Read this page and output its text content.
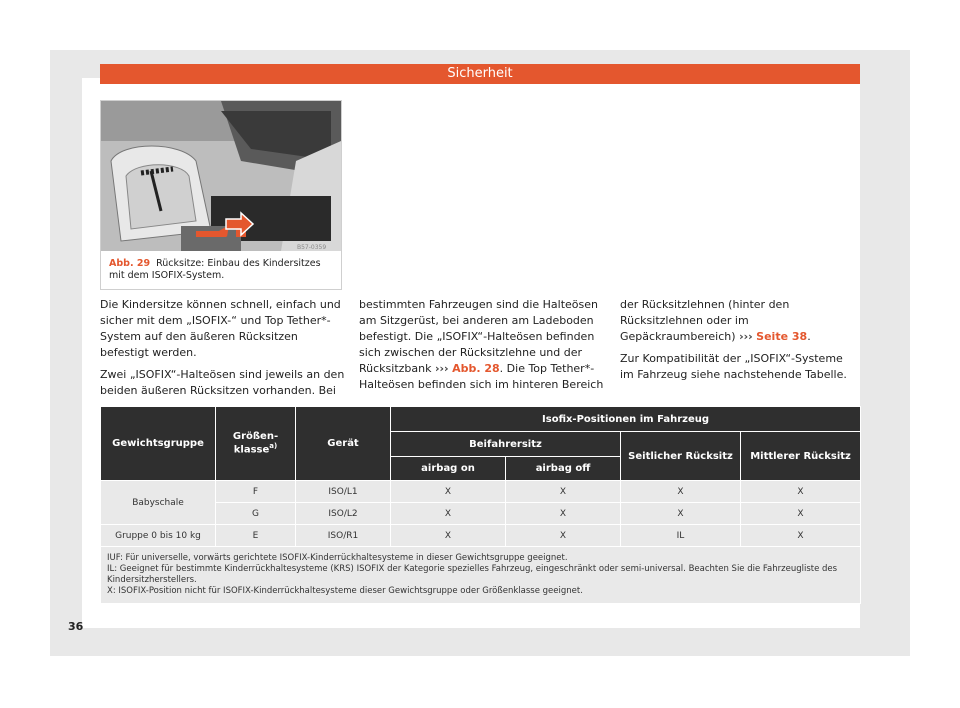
Sicherheit
B57-0359
Abb. 29 Rücksitze: Einbau des Kindersitzes mit dem ISOFIX-System.

Die Kindersitze können schnell, einfach und sicher mit dem „ISOFIX-“ und Top Tether*-System auf den äußeren Rücksitzen befestigt werden.

Zwei „ISOFIX“-Halteösen sind jeweils an den beiden äußeren Rücksitzen vorhanden. Bei

bestimmten Fahrzeugen sind die Halteösen am Sitzgerüst, bei anderen am Ladeboden befestigt. Die „ISOFIX“-Halteösen befinden sich zwischen der Rücksitzlehne und der Rücksitzbank ››› Abb. 28. Die Top Tether*-Halteösen befinden sich im hinteren Bereich

der Rücksitzlehnen (hinter den Rücksitzlehnen oder im Gepäckraumbereich) ››› Seite 38.

Zur Kompatibilität der „ISOFIX“-Systeme im Fahrzeug siehe nachstehende Tabelle.

Gewichtsgruppe	Größen-klasse$^{a)}$	Gerät	Isofix-Positionen im Fahrzeug			
			Beifahrersitz		Seitlicher Rücksitz	Mittlerer Rücksitz
			airbag on	airbag off		
Babyschale	F	ISO/L1	X	X	X	X
	G	ISO/L2	X	X	X	X
Gruppe 0 bis 10 kg	E	ISO/R1	X	X	IL	X

IUF: Für universelle, vorwärts gerichtete ISOFIX-Kinderrückhaltesysteme in dieser Gewichtsgruppe geeignet.
IL: Geeignet für bestimmte Kinderrückhaltesysteme (KRS) ISOFIX der Kategorie spezielles Fahrzeug, eingeschränkt oder semi-universal. Beachten Sie die Fahrzeugliste des Kindersitzherstellers.
X: ISOFIX-Position nicht für ISOFIX-Kinderrückhaltesysteme dieser Gewichtsgruppe oder Größenklasse geeignet.						
36
